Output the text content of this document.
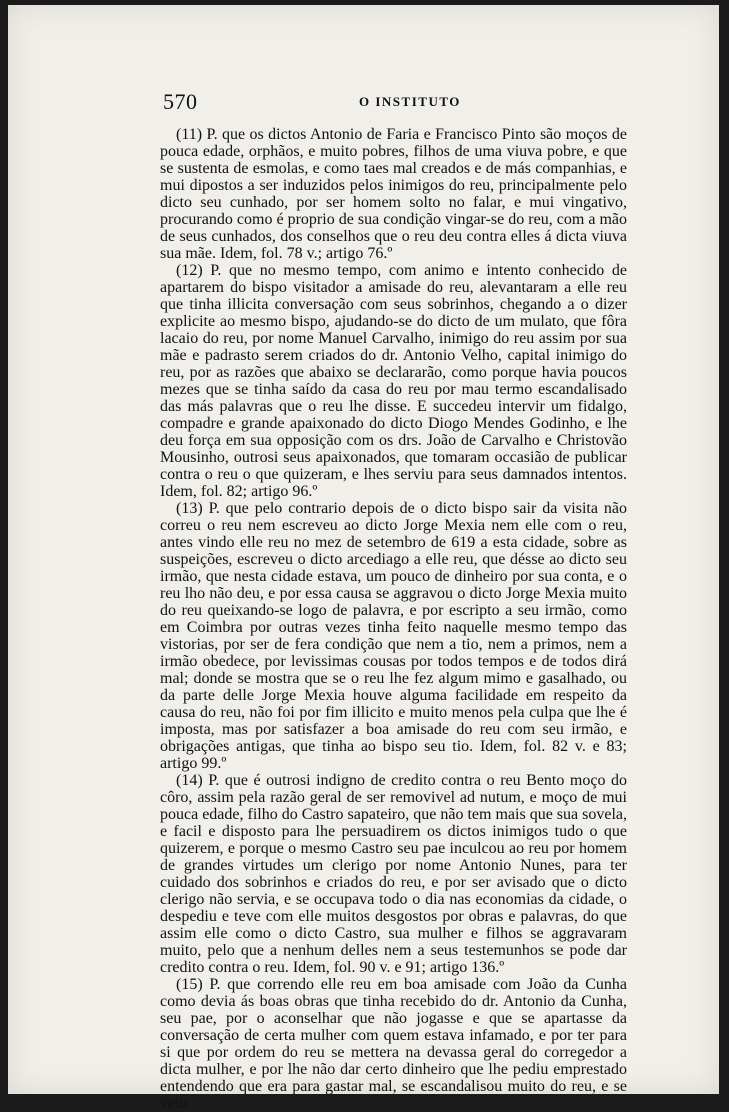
570	O INSTITUTO

(11) P. que os dictos Antonio de Faria e Francisco Pinto são moços de pouca edade, orphãos, e muito pobres, filhos de uma viuva pobre, e que se sustenta de esmolas, e como taes mal creados e de más companhias, e mui dipostos a ser induzidos pelos inimigos do reu, principalmente pelo dicto seu cunhado, por ser homem solto no falar, e mui vingativo, procurando como é proprio de sua condição vingar-se do reu, com a mão de seus cunhados, dos conselhos que o reu deu contra elles á dicta viuva sua mãe. Idem, fol. 78 v.; artigo 76.º

(12) P. que no mesmo tempo, com animo e intento conhecido de apartarem do bispo visitador a amisade do reu, alevantaram a elle reu que tinha illicita conversação com seus sobrinhos, chegando a o dizer explicite ao mesmo bispo, ajudando-se do dicto de um mulato, que fôra lacaio do reu, por nome Manuel Carvalho, inimigo do reu assim por sua mãe e padrasto serem criados do dr. Antonio Velho, capital inimigo do reu, por as razões que abaixo se declararão, como porque havia poucos mezes que se tinha saído da casa do reu por mau termo escandalisado das más palavras que o reu lhe disse. E succedeu intervir um fidalgo, compadre e grande apaixonado do dicto Diogo Mendes Godinho, e lhe deu força em sua opposição com os drs. João de Carvalho e Christovão Mousinho, outrosi seus apaixonados, que tomaram occasião de publicar contra o reu o que quizeram, e lhes serviu para seus damnados intentos. Idem, fol. 82; artigo 96.º

(13) P. que pelo contrario depois de o dicto bispo sair da visita não correu o reu nem escreveu ao dicto Jorge Mexia nem elle com o reu, antes vindo elle reu no mez de setembro de 619 a esta cidade, sobre as suspeições, escreveu o dicto arcediago a elle reu, que désse ao dicto seu irmão, que nesta cidade estava, um pouco de dinheiro por sua conta, e o reu lho não deu, e por essa causa se aggravou o dicto Jorge Mexia muito do reu queixando-se logo de palavra, e por escripto a seu irmão, como em Coimbra por outras vezes tinha feito naquelle mesmo tempo das vistorias, por ser de fera condição que nem a tio, nem a primos, nem a irmão obedece, por levissimas cousas por todos tempos e de todos dirá mal; donde se mostra que se o reu lhe fez algum mimo e gasalhado, ou da parte delle Jorge Mexia houve alguma facilidade em respeito da causa do reu, não foi por fim illicito e muito menos pela culpa que lhe é imposta, mas por satisfazer a boa amisade do reu com seu irmão, e obrigações antigas, que tinha ao bispo seu tio. Idem, fol. 82 v. e 83; artigo 99.º

(14) P. que é outrosi indigno de credito contra o reu Bento moço do côro, assim pela razão geral de ser removivel ad nutum, e moço de mui pouca edade, filho do Castro sapateiro, que não tem mais que sua sovela, e facil e disposto para lhe persuadirem os dictos inimigos tudo o que quizerem, e porque o mesmo Castro seu pae inculcou ao reu por homem de grandes virtudes um clerigo por nome Antonio Nunes, para ter cuidado dos sobrinhos e criados do reu, e por ser avisado que o dicto clerigo não servia, e se occupava todo o dia nas economias da cidade, o despediu e teve com elle muitos desgostos por obras e palavras, do que assim elle como o dicto Castro, sua mulher e filhos se aggravaram muito, pelo que a nenhum delles nem a seus testemunhos se pode dar credito contra o reu. Idem, fol. 90 v. e 91; artigo 136.º

(15) P. que correndo elle reu em boa amisade com João da Cunha como devia ás boas obras que tinha recebido do dr. Antonio da Cunha, seu pae, por o aconselhar que não jogasse e que se apartasse da conversação de certa mulher com quem estava infamado, e por ter para si que por ordem do reu se mettera na devassa geral do corregedor a dicta mulher, e por lhe não dar certo dinheiro que lhe pediu emprestado entendendo que era para gastar mal, se escandalisou muito do reu, e se veiu
